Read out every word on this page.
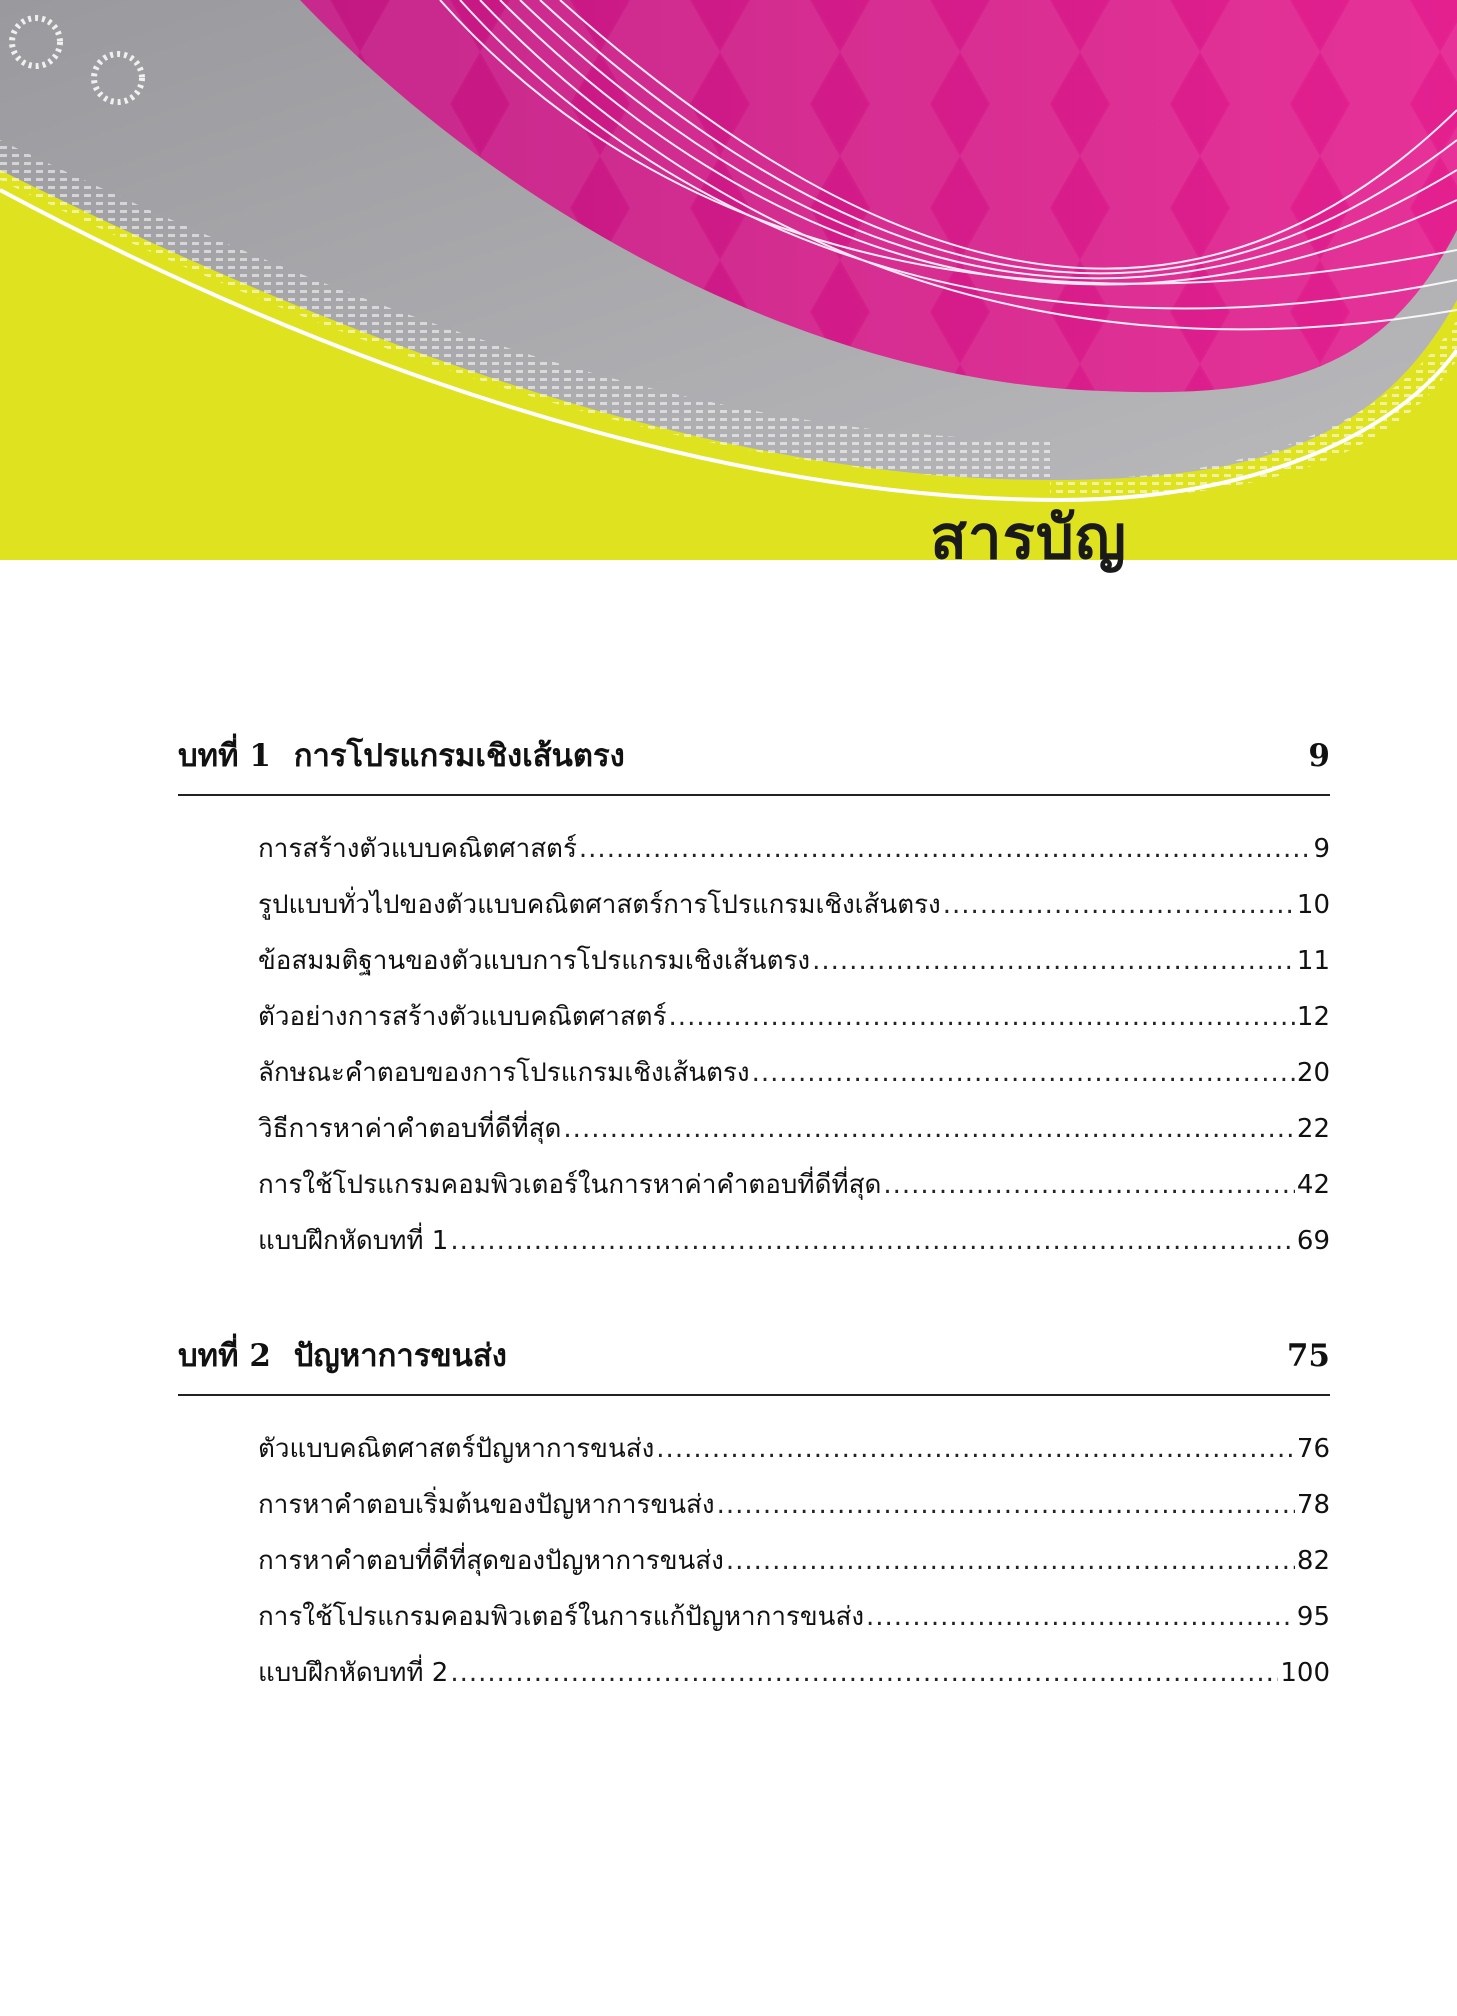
สารบัญ
บทที่ 1 การโปรแกรมเชิงเส้นตรง	9
การสร้างตัวแบบคณิตศาสตร์ .....	9
รูปแบบทั่วไปของตัวแบบคณิตศาสตร์การโปรแกรมเชิงเส้นตรง .....	10
ข้อสมมติฐานของตัวแบบการโปรแกรมเชิงเส้นตรง .....	11
ตัวอย่างการสร้างตัวแบบคณิตศาสตร์ .....	12
ลักษณะคำตอบของการโปรแกรมเชิงเส้นตรง .....	20
วิธีการหาค่าคำตอบที่ดีที่สุด .....	22
การใช้โปรแกรมคอมพิวเตอร์ในการหาค่าคำตอบที่ดีที่สุด .....	42
แบบฝึกหัดบทที่ 1 .....	69
บทที่ 2 ปัญหาการขนส่ง	75
ตัวแบบคณิตศาสตร์ปัญหาการขนส่ง .....	76
การหาคำตอบเริ่มต้นของปัญหาการขนส่ง .....	78
การหาคำตอบที่ดีที่สุดของปัญหาการขนส่ง .....	82
การใช้โปรแกรมคอมพิวเตอร์ในการแก้ปัญหาการขนส่ง .....	95
แบบฝึกหัดบทที่ 2 .....	100
